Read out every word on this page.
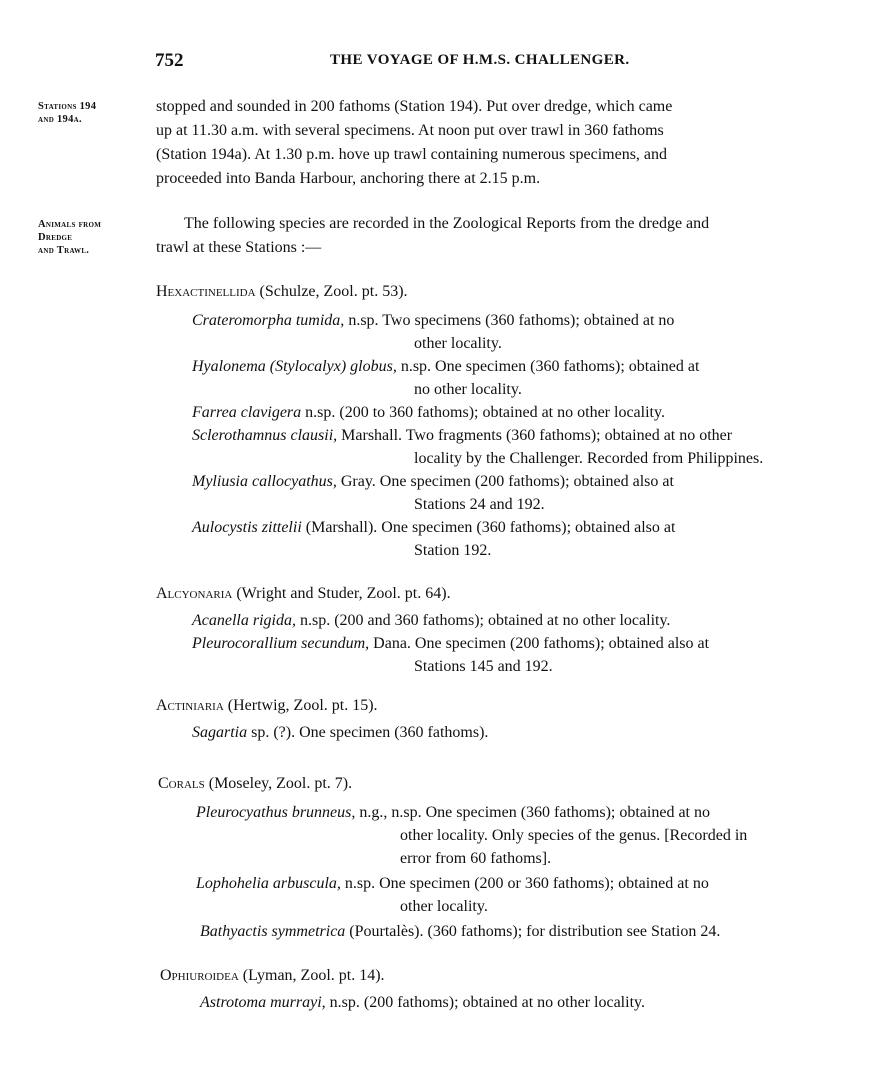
752	THE VOYAGE OF H.M.S. CHALLENGER.
Stations 194
and 194a.
stopped and sounded in 200 fathoms (Station 194). Put over dredge, which came
up at 11.30 a.m. with several specimens. At noon put over trawl in 360 fathoms
(Station 194a). At 1.30 p.m. hove up trawl containing numerous specimens, and
proceeded into Banda Harbour, anchoring there at 2.15 p.m.
Animals from
Dredge
and Trawl.
The following species are recorded in the Zoological Reports from the dredge and
trawl at these Stations :—
Hexactinellida (Schulze, Zool. pt. 53).
Crateromorpha tumida, n.sp. Two specimens (360 fathoms); obtained at no
other locality.
Hyalonema (Stylocalyx) globus, n.sp. One specimen (360 fathoms); obtained at
no other locality.
Farrea clavigera n.sp. (200 to 360 fathoms); obtained at no other locality.
Sclerothamnus clausii, Marshall. Two fragments (360 fathoms); obtained at no other
locality by the Challenger. Recorded from Philippines.
Myliusia callocyathus, Gray. One specimen (200 fathoms); obtained also at
Stations 24 and 192.
Aulocystis zittelii (Marshall). One specimen (360 fathoms); obtained also at
Station 192.
Alcyonaria (Wright and Studer, Zool. pt. 64).
Acanella rigida, n.sp. (200 and 360 fathoms); obtained at no other locality.
Pleurocorallium secundum, Dana. One specimen (200 fathoms); obtained also at
Stations 145 and 192.
Actiniaria (Hertwig, Zool. pt. 15).
Sagartia sp. (?). One specimen (360 fathoms).
Corals (Moseley, Zool. pt. 7).
Pleurocyathus brunneus, n.g., n.sp. One specimen (360 fathoms); obtained at no
other locality. Only species of the genus. [Recorded in
error from 60 fathoms].
Lophohelia arbuscula, n.sp. One specimen (200 or 360 fathoms); obtained at no
other locality.
Bathyactis symmetrica (Pourtalès). (360 fathoms); for distribution see Station 24.
Ophiuroidea (Lyman, Zool. pt. 14).
Astrotoma murrayi, n.sp. (200 fathoms); obtained at no other locality.
